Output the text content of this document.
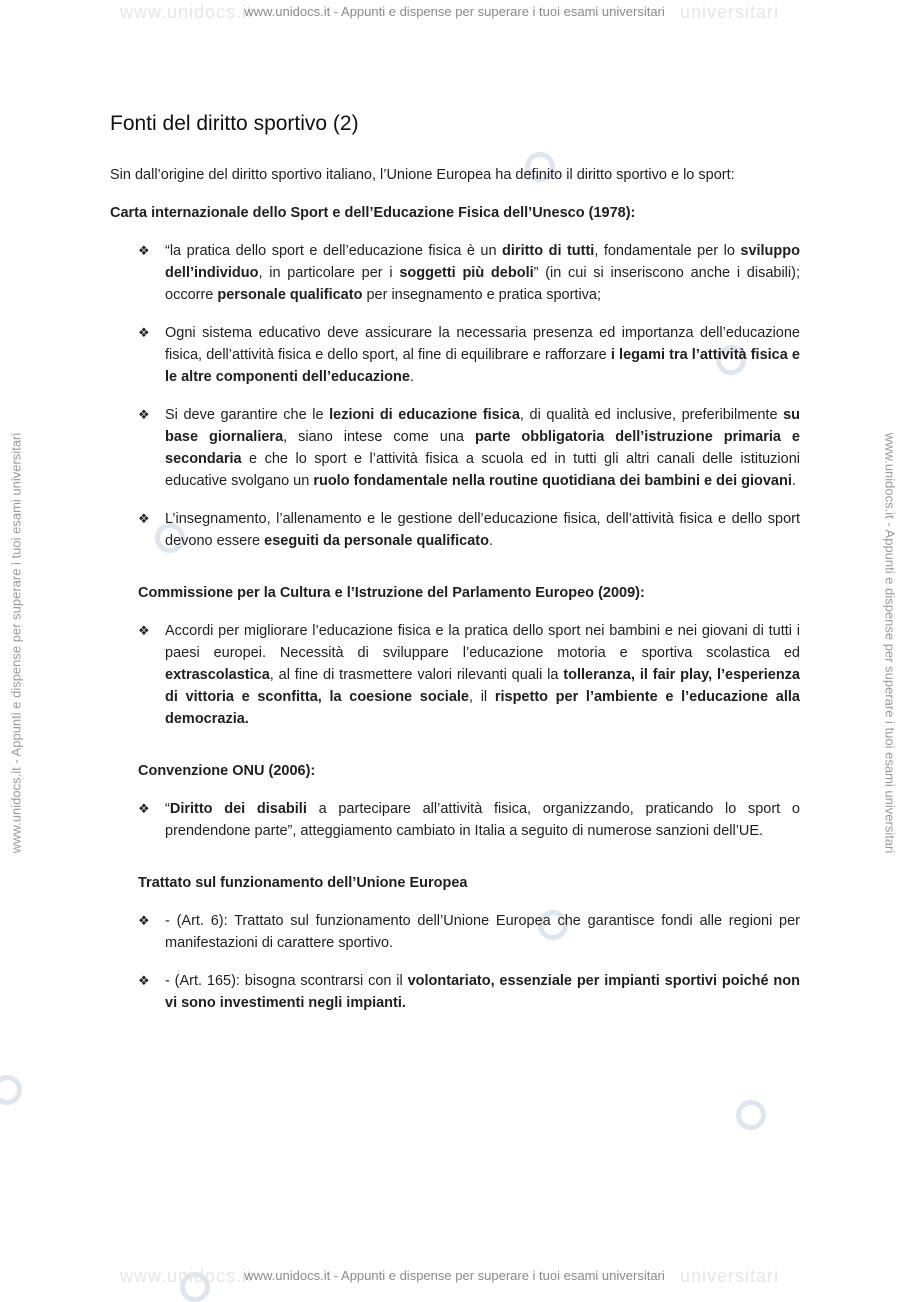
www.unidocs.it	universitari
www.unidocs.it - Appunti e dispense per superare i tuoi esami universitari
www.unidocs.it - Appunti e dispense per superare i tuoi esami universitari	www.unidocs.it - Appunti e dispense per superare i tuoi esami universitari
www.unidocs.it	universitari
www.unidocs.it - Appunti e dispense per superare i tuoi esami universitari
Fonti del diritto sportivo (2)

Sin dall’origine del diritto sportivo italiano, l’Unione Europea ha definito il diritto sportivo e lo sport:

Carta internazionale dello Sport e dell’Educazione Fisica dell’Unesco (1978):

❖ “la pratica dello sport e dell’educazione fisica è un diritto di tutti, fondamentale per lo sviluppo dell’individuo, in particolare per i soggetti più deboli” (in cui si inseriscono anche i disabili); occorre personale qualificato per insegnamento e pratica sportiva;
❖ Ogni sistema educativo deve assicurare la necessaria presenza ed importanza dell’educazione fisica, dell’attività fisica e dello sport, al fine di equilibrare e rafforzare i legami tra l’attività fisica e le altre componenti dell’educazione.
❖ Si deve garantire che le lezioni di educazione fisica, di qualità ed inclusive, preferibilmente su base giornaliera, siano intese come una parte obbligatoria dell’istruzione primaria e secondaria e che lo sport e l’attività fisica a scuola ed in tutti gli altri canali delle istituzioni educative svolgano un ruolo fondamentale nella routine quotidiana dei bambini e dei giovani.
❖ L’insegnamento, l’allenamento e le gestione dell’educazione fisica, dell’attività fisica e dello sport devono essere eseguiti da personale qualificato.

Commissione per la Cultura e l’Istruzione del Parlamento Europeo (2009):

❖ Accordi per migliorare l’educazione fisica e la pratica dello sport nei bambini e nei giovani di tutti i paesi europei. Necessità di sviluppare l’educazione motoria e sportiva scolastica ed extrascolastica, al fine di trasmettere valori rilevanti quali la tolleranza, il fair play, l’esperienza di vittoria e sconfitta, la coesione sociale, il rispetto per l’ambiente e l’educazione alla democrazia.

Convenzione ONU (2006):

❖ “Diritto dei disabili a partecipare all’attività fisica, organizzando, praticando lo sport o prendendone parte”, atteggiamento cambiato in Italia a seguito di numerose sanzioni dell’UE.

Trattato sul funzionamento dell’Unione Europea

❖ - (Art. 6): Trattato sul funzionamento dell’Unione Europea che garantisce fondi alle regioni per manifestazioni di carattere sportivo.
❖ - (Art. 165): bisogna scontrarsi con il volontariato, essenziale per impianti sportivi poiché non vi sono investimenti negli impianti.
